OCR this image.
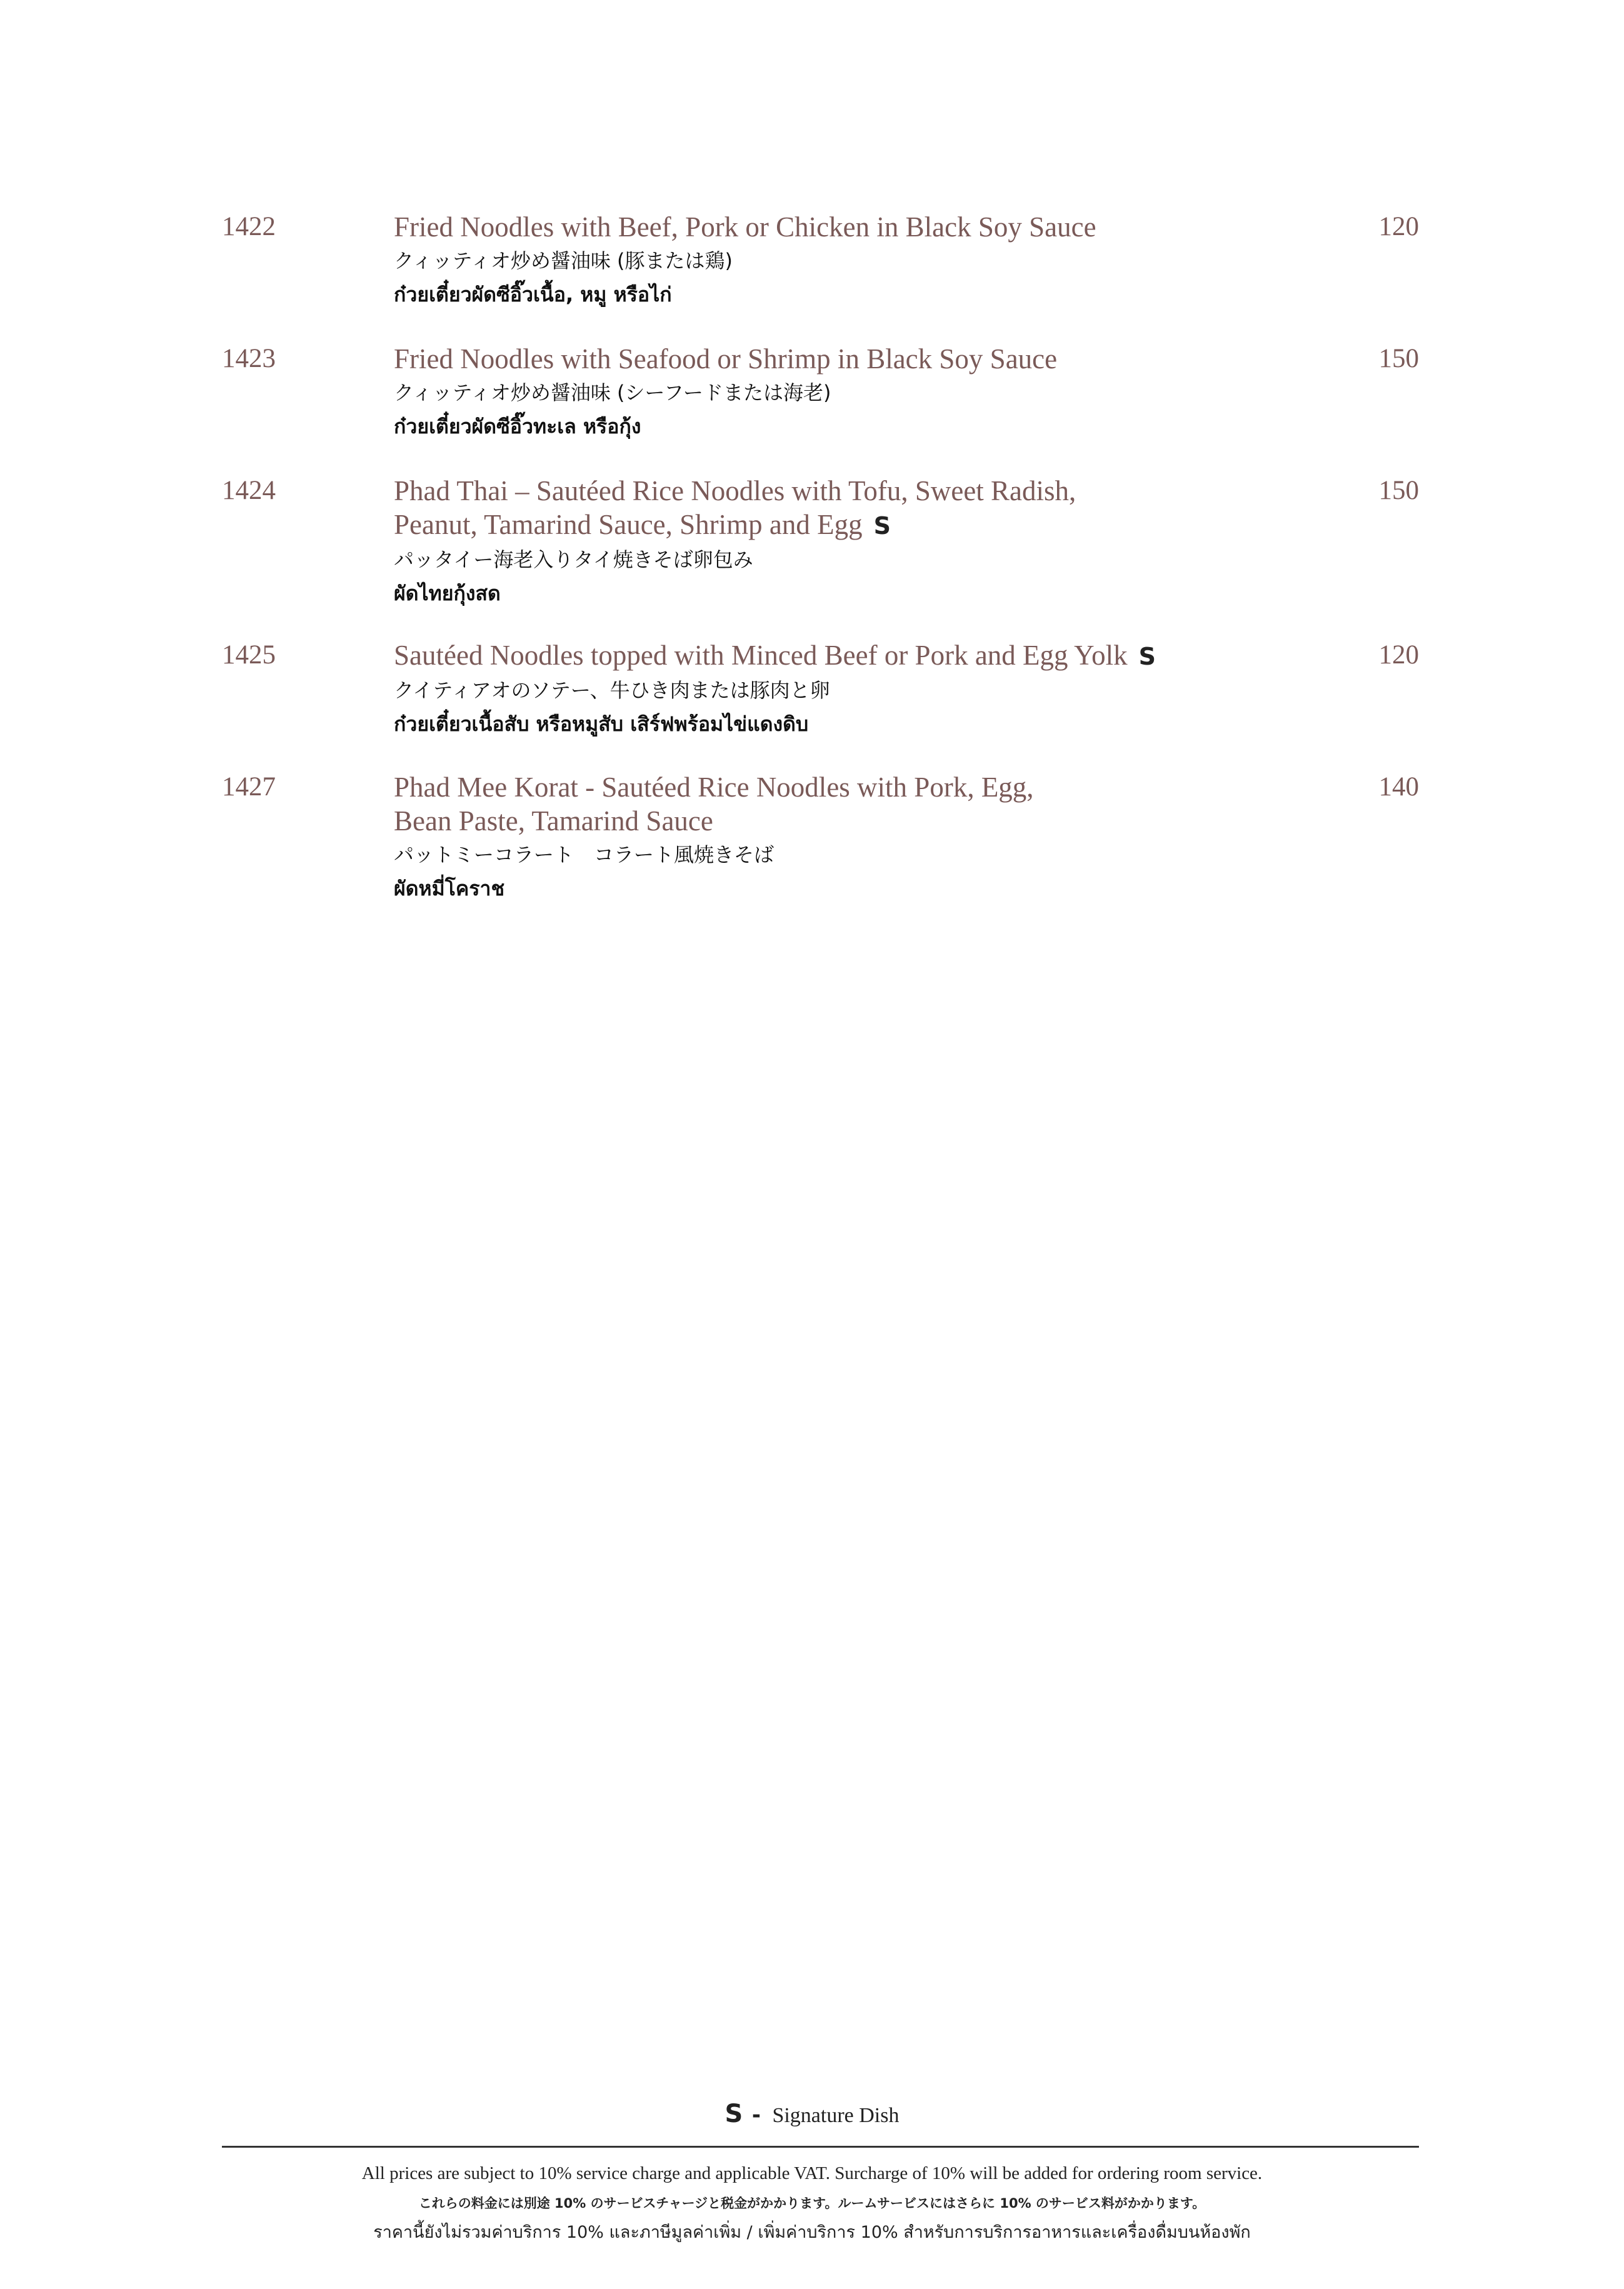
1422	Fried Noodles with Beef, Pork or Chicken in Black Soy Sauce
クィッティオ炒め醤油味 (豚または鶏)
ก๋วยเตี๋ยวผัดซีอิ๊วเนื้อ, หมู หรือไก่
120
1423	Fried Noodles with Seafood or Shrimp in Black Soy Sauce
クィッティオ炒め醤油味 (シーフードまたは海老)
ก๋วยเตี๋ยวผัดซีอิ๊วทะเล หรือกุ้ง
150
1424	Phad Thai – Sautéed Rice Noodles with Tofu, Sweet Radish,
Peanut, Tamarind Sauce, Shrimp and Egg S
パッタイー海老入りタイ焼きそば卵包み
ผัดไทยกุ้งสด
150
1425	Sautéed Noodles topped with Minced Beef or Pork and Egg Yolk S
クイティアオのソテー、牛ひき肉または豚肉と卵
ก๋วยเตี๋ยวเนื้อสับ หรือหมูสับ เสิร์ฟพร้อมไข่แดงดิบ
120
1427	Phad Mee Korat - Sautéed Rice Noodles with Pork, Egg,
Bean Paste, Tamarind Sauce
パットミーコラート　コラート風焼きそば
ผัดหมี่โคราช
140
S - Signature Dish
All prices are subject to 10% service charge and applicable VAT. Surcharge of 10% will be added for ordering room service.
これらの料金には別途 10% のサービスチャージと税金がかかります。ルームサービスにはさらに 10% のサービス料がかかります。
ราคานี้ยังไม่รวมค่าบริการ 10% และภาษีมูลค่าเพิ่ม / เพิ่มค่าบริการ 10% สำหรับการบริการอาหารและเครื่องดื่มบนห้องพัก
